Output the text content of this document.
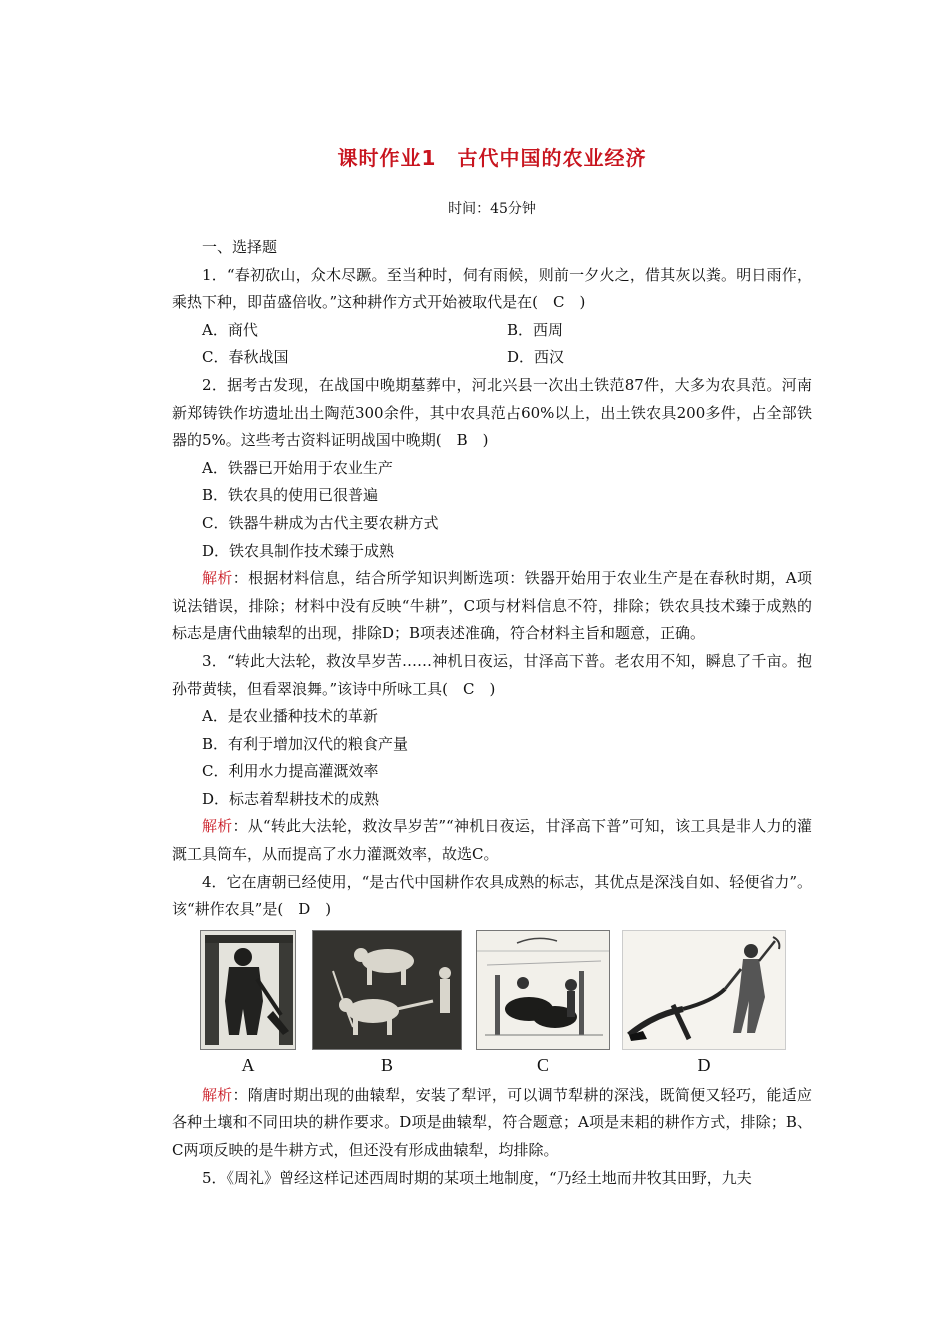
课时作业1　古代中国的农业经济
时间：45分钟

一、选择题

1．“春初砍山，众木尽蹶。至当种时，伺有雨候，则前一夕火之，借其灰以粪。明日雨作，乘热下种，即苗盛倍收。”这种耕作方式开始被取代是在(　C　)

A．商代	B．西周
C．春秋战国	D．西汉

2．据考古发现，在战国中晚期墓葬中，河北兴县一次出土铁范87件，大多为农具范。河南新郑铸铁作坊遗址出土陶范300余件，其中农具范占60%以上，出土铁农具200多件，占全部铁器的5%。这些考古资料证明战国中晚期(　B　)

A．铁器已开始用于农业生产

B．铁农具的使用已很普遍

C．铁器牛耕成为古代主要农耕方式

D．铁农具制作技术臻于成熟

解析：根据材料信息，结合所学知识判断选项：铁器开始用于农业生产是在春秋时期，A项说法错误，排除；材料中没有反映“牛耕”，C项与材料信息不符，排除；铁农具技术臻于成熟的标志是唐代曲辕犁的出现，排除D；B项表述准确，符合材料主旨和题意，正确。

3．“转此大法轮，救汝旱岁苦……神机日夜运，甘泽高下普。老农用不知，瞬息了千亩。抱孙带黄犊，但看翠浪舞。”该诗中所咏工具(　C　)

A．是农业播种技术的革新

B．有利于增加汉代的粮食产量

C．利用水力提高灌溉效率

D．标志着犁耕技术的成熟

解析：从“转此大法轮，救汝旱岁苦”“神机日夜运，甘泽高下普”可知，该工具是非人力的灌溉工具筒车，从而提高了水力灌溉效率，故选C。

4．它在唐朝已经使用，“是古代中国耕作农具成熟的标志，其优点是深浅自如、轻便省力”。该“耕作农具”是(　D　)

A	B	C	D

解析：隋唐时期出现的曲辕犁，安装了犁评，可以调节犁耕的深浅，既简便又轻巧，能适应各种土壤和不同田块的耕作要求。D项是曲辕犁，符合题意；A项是耒耜的耕作方式，排除；B、C两项反映的是牛耕方式，但还没有形成曲辕犁，均排除。

5．《周礼》曾经这样记述西周时期的某项土地制度，“乃经土地而井牧其田野，九夫
